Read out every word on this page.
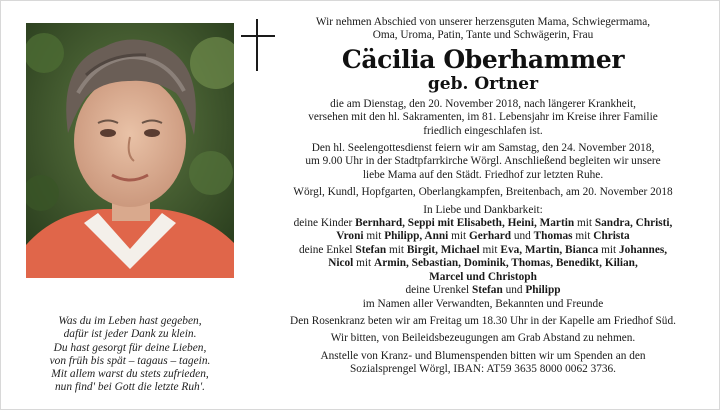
Was du im Leben hast gegeben,
dafür ist jeder Dank zu klein.
Du hast gesorgt für deine Lieben,
von früh bis spät – tagaus – tagein.
Mit allem warst du stets zufrieden,
nun find' bei Gott die letzte Ruh'.
Wir nehmen Abschied von unserer herzensguten Mama, Schwiegermama,
Oma, Uroma, Patin, Tante und Schwägerin, Frau
Cäcilia Oberhammer
geb. Ortner
die am Dienstag, den 20. November 2018, nach längerer Krankheit,
versehen mit den hl. Sakramenten, im 81. Lebensjahr im Kreise ihrer Familie
friedlich eingeschlafen ist.
Den hl. Seelengottesdienst feiern wir am Samstag, den 24. November 2018,
um 9.00 Uhr in der Stadtpfarrkirche Wörgl. Anschließend begleiten wir unsere
liebe Mama auf den Städt. Friedhof zur letzten Ruhe.
Wörgl, Kundl, Hopfgarten, Oberlangkampfen, Breitenbach, am 20. November 2018
In Liebe und Dankbarkeit:
deine Kinder Bernhard, Seppi mit Elisabeth, Heini, Martin mit Sandra, Christi,
Vroni mit Philipp, Anni mit Gerhard und Thomas mit Christa
deine Enkel Stefan mit Birgit, Michael mit Eva, Martin, Bianca mit Johannes,
Nicol mit Armin, Sebastian, Dominik, Thomas, Benedikt, Kilian,
Marcel und Christoph
deine Urenkel Stefan und Philipp
im Namen aller Verwandten, Bekannten und Freunde
Den Rosenkranz beten wir am Freitag um 18.30 Uhr in der Kapelle am Friedhof Süd.
Wir bitten, von Beileidsbezeugungen am Grab Abstand zu nehmen.
Anstelle von Kranz- und Blumenspenden bitten wir um Spenden an den
Sozialsprengel Wörgl, IBAN: AT59 3635 8000 0062 3736.
